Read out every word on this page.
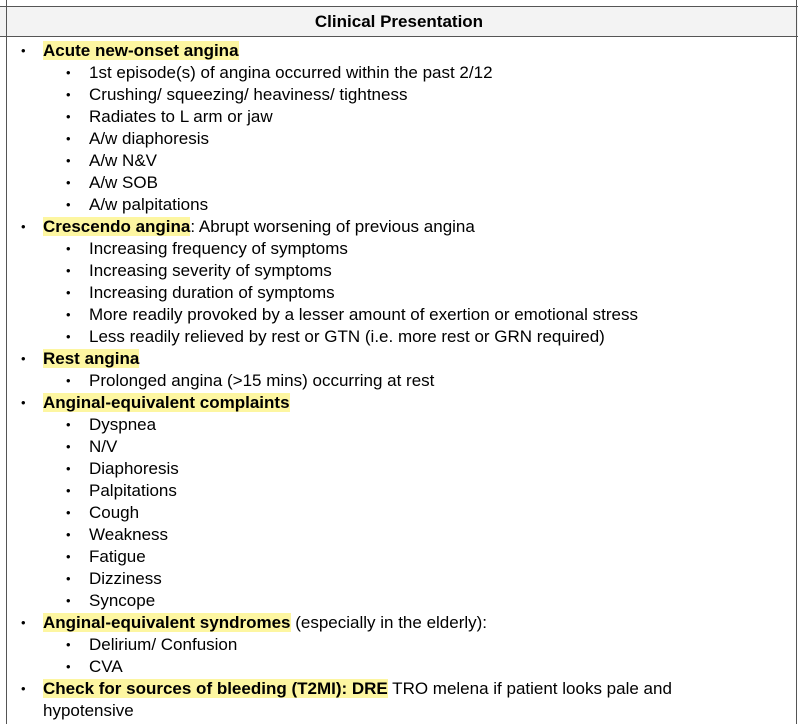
Clinical Presentation
• Acute new-onset angina
• 1st episode(s) of angina occurred within the past 2/12
• Crushing/ squeezing/ heaviness/ tightness
• Radiates to L arm or jaw
• A/w diaphoresis
• A/w N&V
• A/w SOB
• A/w palpitations
• Crescendo angina: Abrupt worsening of previous angina
• Increasing frequency of symptoms
• Increasing severity of symptoms
• Increasing duration of symptoms
• More readily provoked by a lesser amount of exertion or emotional stress
• Less readily relieved by rest or GTN (i.e. more rest or GRN required)
• Rest angina
• Prolonged angina (>15 mins) occurring at rest
• Anginal-equivalent complaints
• Dyspnea
• N/V
• Diaphoresis
• Palpitations
• Cough
• Weakness
• Fatigue
• Dizziness
• Syncope
• Anginal-equivalent syndromes (especially in the elderly):
• Delirium/ Confusion
• CVA
• Check for sources of bleeding (T2MI): DRE TRO melena if patient looks pale and hypotensive
